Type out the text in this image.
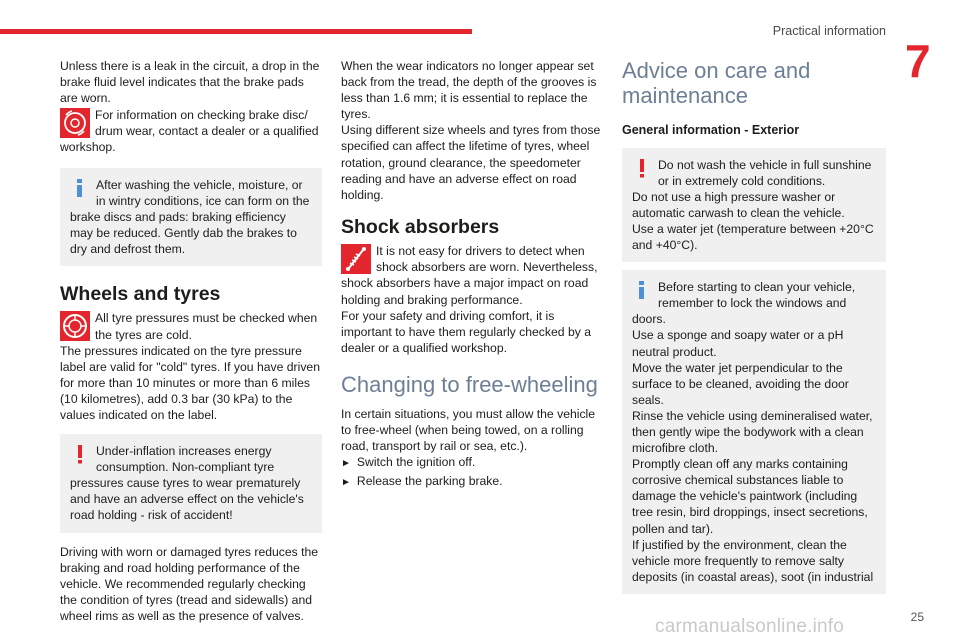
Practical information
7

Unless there is a leak in the circuit, a drop in the brake fluid level indicates that the brake pads are worn.

For information on checking brake disc/ drum wear, contact a dealer or a qualified workshop.

After washing the vehicle, moisture, or in wintry conditions, ice can form on the brake discs and pads: braking efficiency may be reduced. Gently dab the brakes to dry and defrost them.

Wheels and tyres

All tyre pressures must be checked when the tyres are cold.

The pressures indicated on the tyre pressure label are valid for "cold" tyres. If you have driven for more than 10 minutes or more than 6 miles (10 kilometres), add 0.3 bar (30 kPa) to the values indicated on the label.

Under-inflation increases energy consumption. Non-compliant tyre pressures cause tyres to wear prematurely and have an adverse effect on the vehicle's road holding - risk of accident!

Driving with worn or damaged tyres reduces the braking and road holding performance of the vehicle. We recommended regularly checking the condition of tyres (tread and sidewalls) and wheel rims as well as the presence of valves.

When the wear indicators no longer appear set back from the tread, the depth of the grooves is less than 1.6 mm; it is essential to replace the tyres.

Using different size wheels and tyres from those specified can affect the lifetime of tyres, wheel rotation, ground clearance, the speedometer reading and have an adverse effect on road holding.

Shock absorbers

It is not easy for drivers to detect when shock absorbers are worn. Nevertheless, shock absorbers have a major impact on road holding and braking performance.

For your safety and driving comfort, it is important to have them regularly checked by a dealer or a qualified workshop.

Changing to free-wheeling

In certain situations, you must allow the vehicle to free-wheel (when being towed, on a rolling road, transport by rail or sea, etc.).

► Switch the ignition off.
► Release the parking brake.
Advice on care and maintenance
General information - Exterior

Do not wash the vehicle in full sunshine or in extremely cold conditions.

Do not use a high pressure washer or automatic carwash to clean the vehicle.

Use a water jet (temperature between +20°C and +40°C).

Before starting to clean your vehicle, remember to lock the windows and doors.

Use a sponge and soapy water or a pH neutral product.

Move the water jet perpendicular to the surface to be cleaned, avoiding the door seals.

Rinse the vehicle using demineralised water, then gently wipe the bodywork with a clean microfibre cloth.

Promptly clean off any marks containing corrosive chemical substances liable to damage the vehicle's paintwork (including tree resin, bird droppings, insect secretions, pollen and tar).

If justified by the environment, clean the vehicle more frequently to remove salty deposits (in coastal areas), soot (in industrial

carmanualsonline.info	25
